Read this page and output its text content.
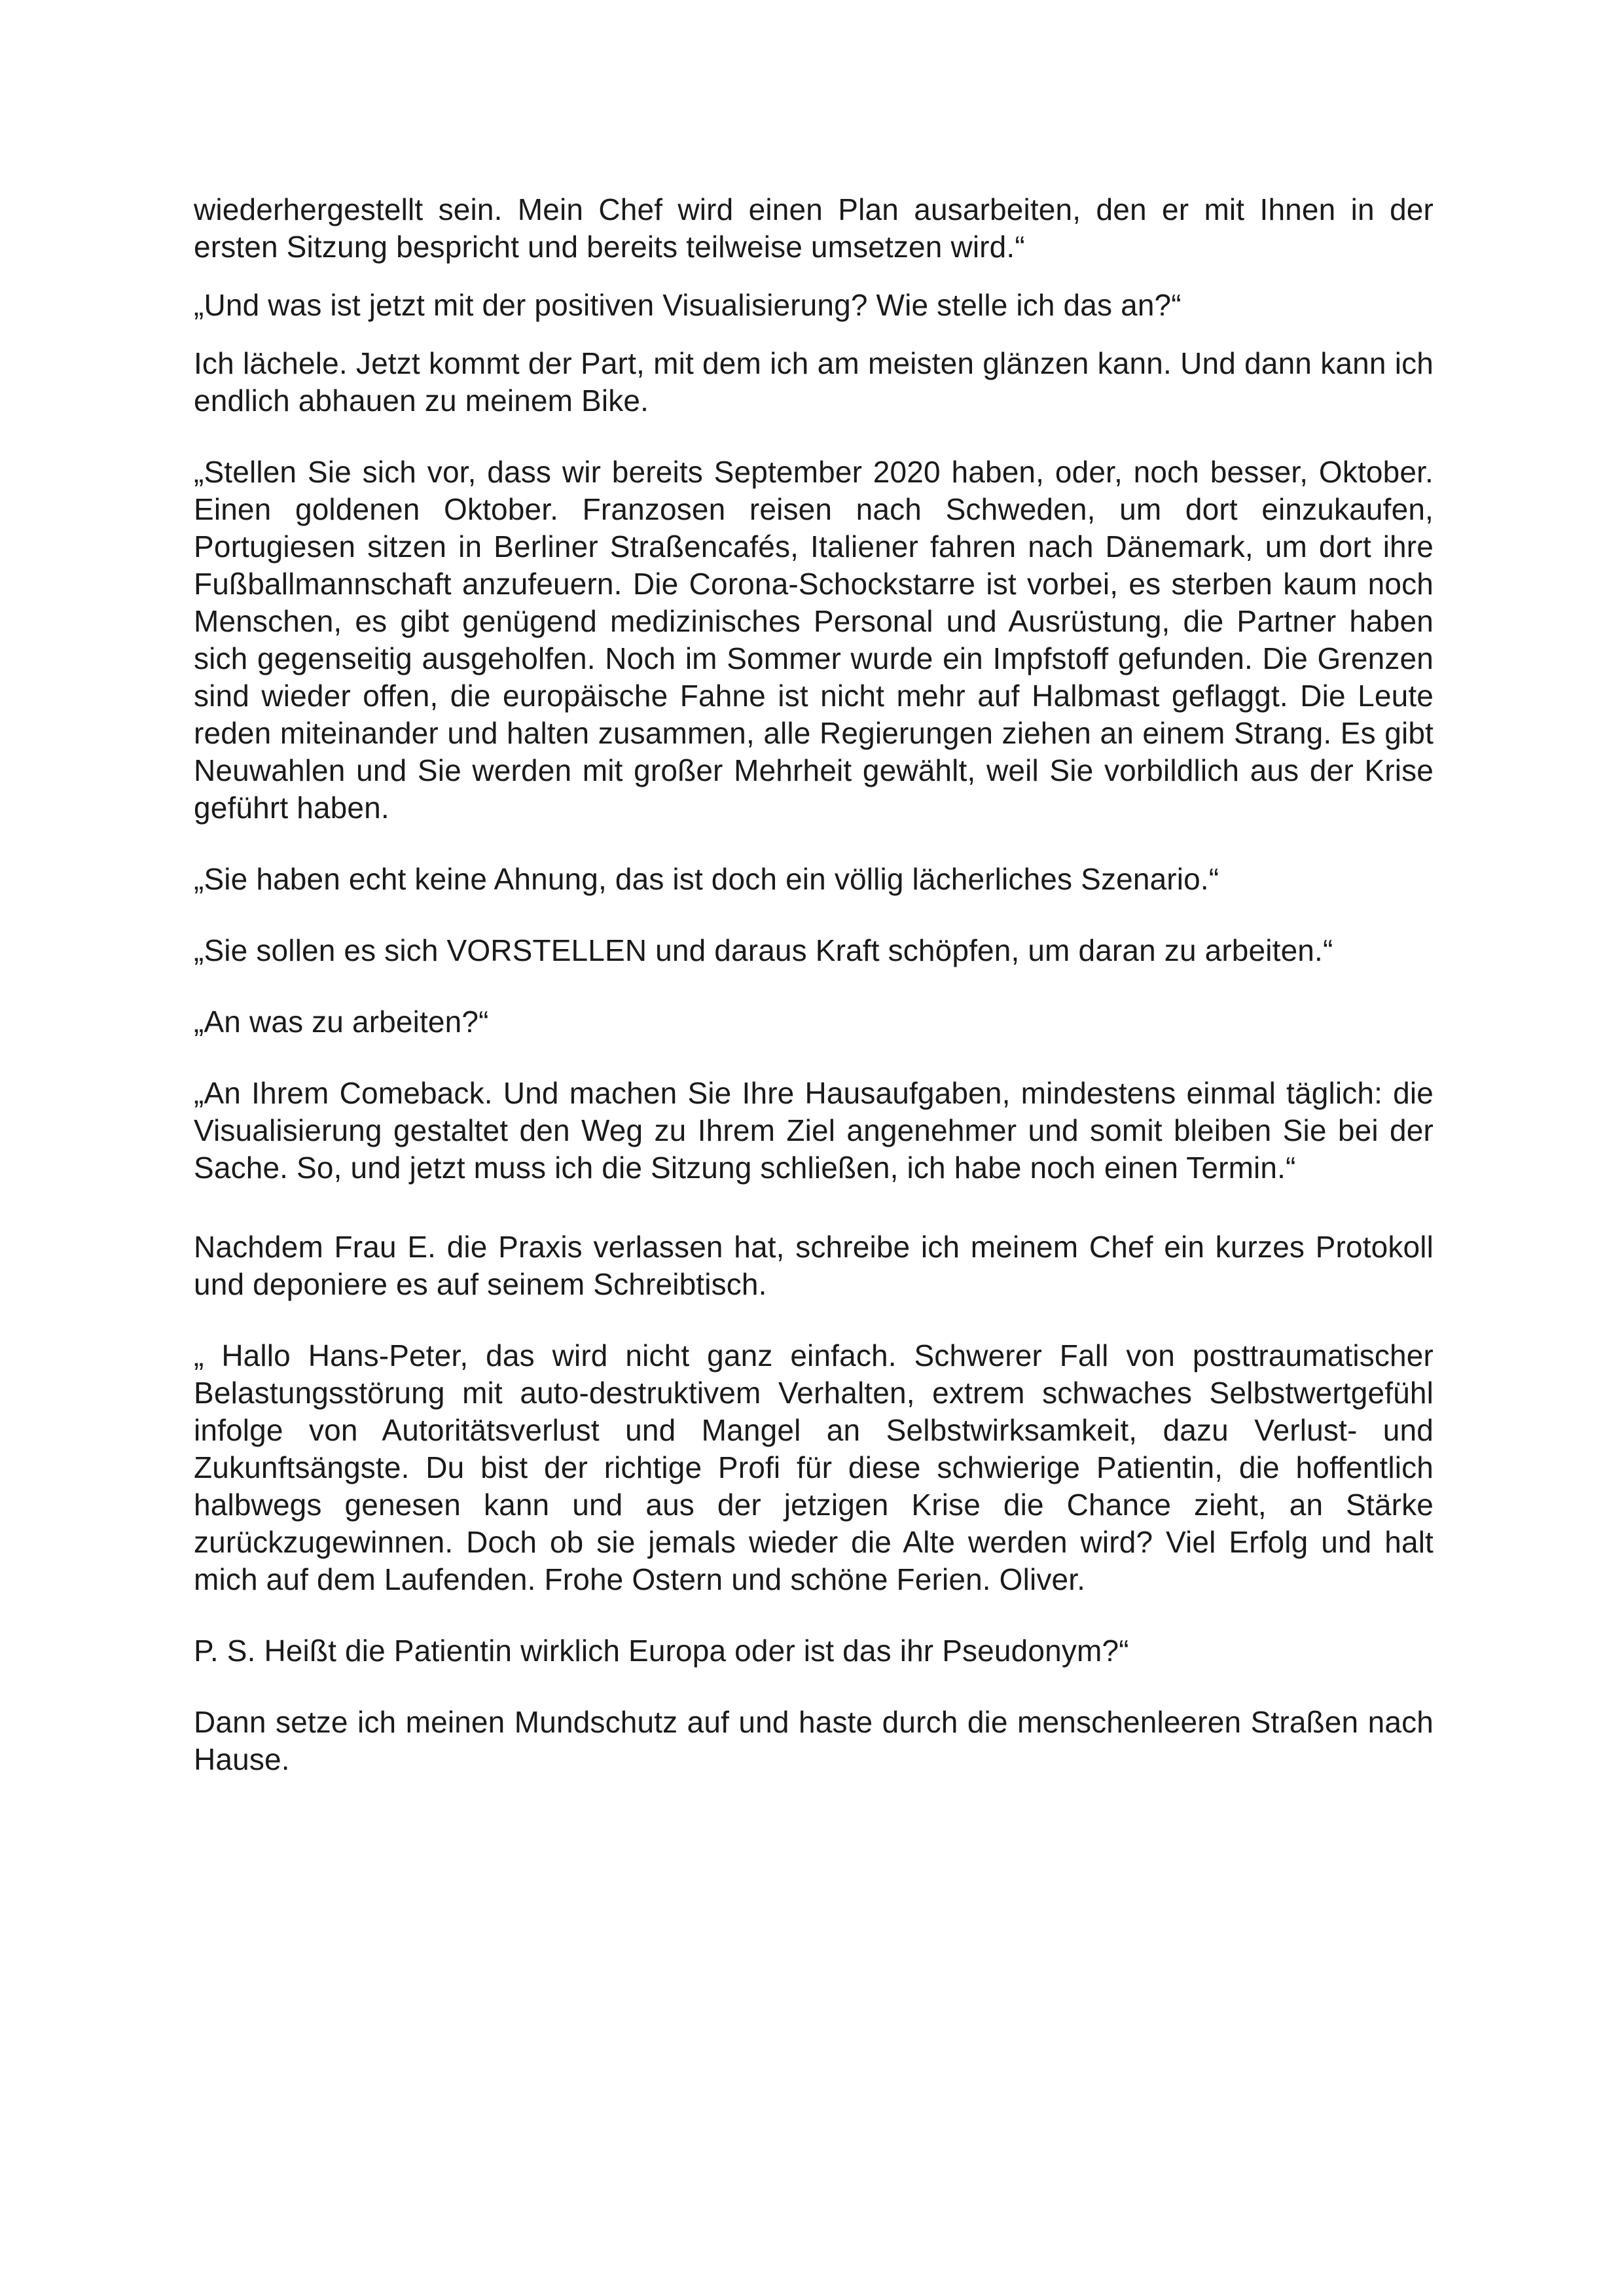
wiederhergestellt sein. Mein Chef wird einen Plan ausarbeiten, den er mit Ihnen in der ersten Sitzung bespricht und bereits teilweise umsetzen wird.“

„Und was ist jetzt mit der positiven Visualisierung? Wie stelle ich das an?“

Ich lächele. Jetzt kommt der Part, mit dem ich am meisten glänzen kann. Und dann kann ich endlich abhauen zu meinem Bike.

„Stellen Sie sich vor, dass wir bereits September 2020 haben, oder, noch besser, Oktober. Einen goldenen Oktober. Franzosen reisen nach Schweden, um dort einzukaufen, Portugiesen sitzen in Berliner Straßencafés, Italiener fahren nach Dänemark, um dort ihre Fußballmannschaft anzufeuern. Die Corona-Schockstarre ist vorbei, es sterben kaum noch Menschen, es gibt genügend medizinisches Personal und Ausrüstung, die Partner haben sich gegenseitig ausgeholfen. Noch im Sommer wurde ein Impfstoff gefunden. Die Grenzen sind wieder offen, die europäische Fahne ist nicht mehr auf Halbmast geflaggt. Die Leute reden miteinander und halten zusammen, alle Regierungen ziehen an einem Strang. Es gibt Neuwahlen und Sie werden mit großer Mehrheit gewählt, weil Sie vorbildlich aus der Krise geführt haben.

„Sie haben echt keine Ahnung, das ist doch ein völlig lächerliches Szenario.“

„Sie sollen es sich VORSTELLEN und daraus Kraft schöpfen, um daran zu arbeiten.“

„An was zu arbeiten?“

„An Ihrem Comeback. Und machen Sie Ihre Hausaufgaben, mindestens einmal täglich: die Visualisierung gestaltet den Weg zu Ihrem Ziel angenehmer und somit bleiben Sie bei der Sache. So, und jetzt muss ich die Sitzung schließen, ich habe noch einen Termin.“

Nachdem Frau E. die Praxis verlassen hat, schreibe ich meinem Chef ein kurzes Protokoll und deponiere es auf seinem Schreibtisch.

„ Hallo Hans-Peter, das wird nicht ganz einfach. Schwerer Fall von posttraumatischer Belastungsstörung mit auto-destruktivem Verhalten, extrem schwaches Selbstwertgefühl infolge von Autoritätsverlust und Mangel an Selbstwirksamkeit, dazu Verlust- und Zukunftsängste. Du bist der richtige Profi für diese schwierige Patientin, die hoffentlich halbwegs genesen kann und aus der jetzigen Krise die Chance zieht, an Stärke zurückzugewinnen. Doch ob sie jemals wieder die Alte werden wird? Viel Erfolg und halt mich auf dem Laufenden. Frohe Ostern und schöne Ferien. Oliver.

P. S. Heißt die Patientin wirklich Europa oder ist das ihr Pseudonym?“

Dann setze ich meinen Mundschutz auf und haste durch die menschenleeren Straßen nach Hause.
